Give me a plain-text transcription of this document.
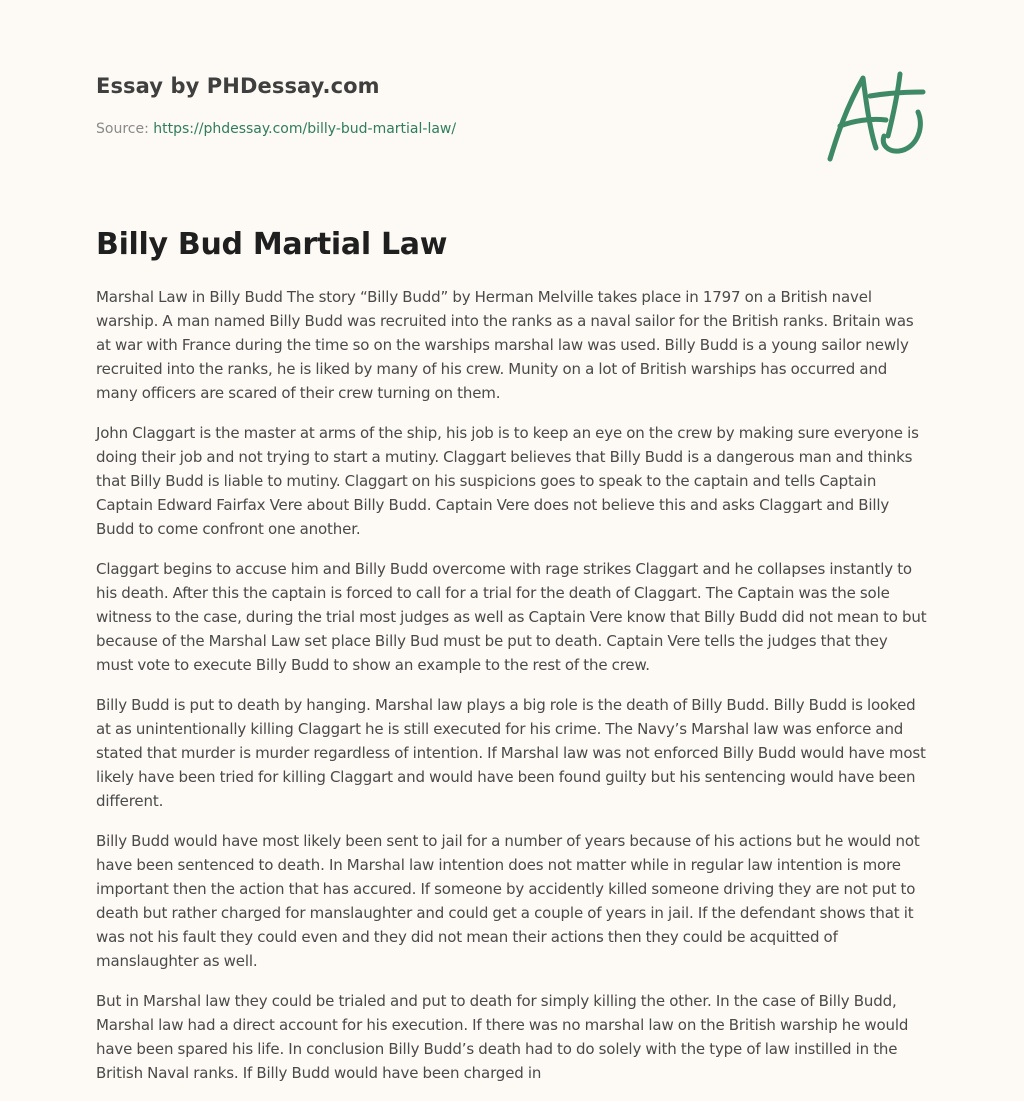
Essay by PHDessay.com
Source: https://phdessay.com/billy-bud-martial-law/
Billy Bud Martial Law

Marshal Law in Billy Budd The story “Billy Budd” by Herman Melville takes place in 1797 on a British navel warship. A man named Billy Budd was recruited into the ranks as a naval sailor for the British ranks. Britain was at war with France during the time so on the warships marshal law was used. Billy Budd is a young sailor newly recruited into the ranks, he is liked by many of his crew. Munity on a lot of British warships has occurred and many officers are scared of their crew turning on them.

John Claggart is the master at arms of the ship, his job is to keep an eye on the crew by making sure everyone is doing their job and not trying to start a mutiny. Claggart believes that Billy Budd is a dangerous man and thinks that Billy Budd is liable to mutiny. Claggart on his suspicions goes to speak to the captain and tells Captain Captain Edward Fairfax Vere about Billy Budd. Captain Vere does not believe this and asks Claggart and Billy Budd to come confront one another.

Claggart begins to accuse him and Billy Budd overcome with rage strikes Claggart and he collapses instantly to his death. After this the captain is forced to call for a trial for the death of Claggart. The Captain was the sole witness to the case, during the trial most judges as well as Captain Vere know that Billy Budd did not mean to but because of the Marshal Law set place Billy Bud must be put to death. Captain Vere tells the judges that they must vote to execute Billy Budd to show an example to the rest of the crew.

Billy Budd is put to death by hanging. Marshal law plays a big role is the death of Billy Budd. Billy Budd is looked at as unintentionally killing Claggart he is still executed for his crime. The Navy’s Marshal law was enforce and stated that murder is murder regardless of intention. If Marshal law was not enforced Billy Budd would have most likely have been tried for killing Claggart and would have been found guilty but his sentencing would have been different.

Billy Budd would have most likely been sent to jail for a number of years because of his actions but he would not have been sentenced to death. In Marshal law intention does not matter while in regular law intention is more important then the action that has accured. If someone by accidently killed someone driving they are not put to death but rather charged for manslaughter and could get a couple of years in jail. If the defendant shows that it was not his fault they could even and they did not mean their actions then they could be acquitted of manslaughter as well.

But in Marshal law they could be trialed and put to death for simply killing the other. In the case of Billy Budd, Marshal law had a direct account for his execution. If there was no marshal law on the British warship he would have been spared his life. In conclusion Billy Budd’s death had to do solely with the type of law instilled in the British Naval ranks. If Billy Budd would have been charged in
